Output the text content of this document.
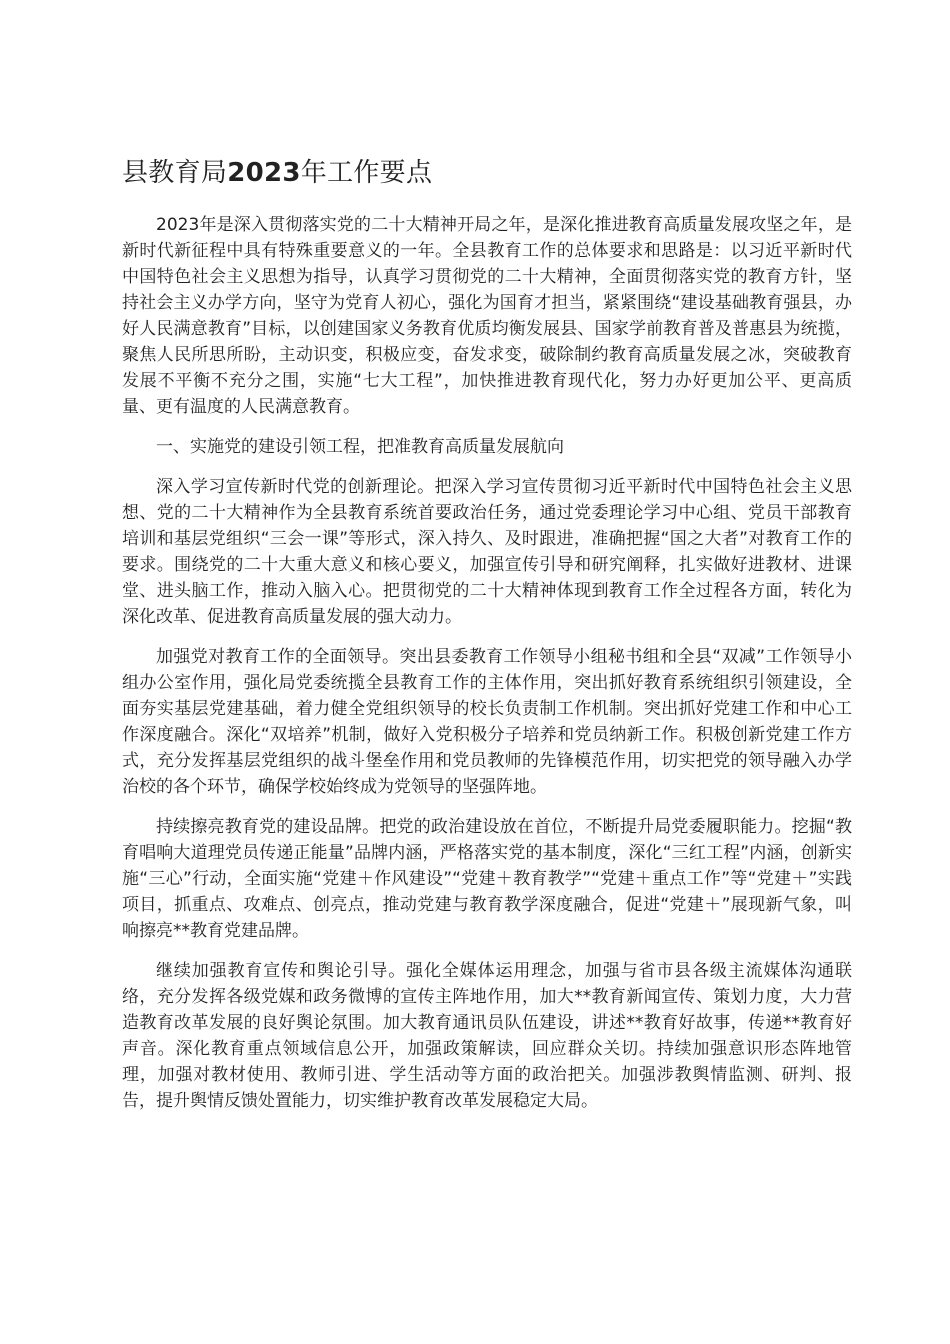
县教育局2023年工作要点

2023年是深入贯彻落实党的二十大精神开局之年，是深化推进教育高质量发展攻坚之年，是新时代新征程中具有特殊重要意义的一年。全县教育工作的总体要求和思路是：以习近平新时代中国特色社会主义思想为指导，认真学习贯彻党的二十大精神，全面贯彻落实党的教育方针，坚持社会主义办学方向，坚守为党育人初心，强化为国育才担当，紧紧围绕“建设基础教育强县，办好人民满意教育”目标，以创建国家义务教育优质均衡发展县、国家学前教育普及普惠县为统揽，聚焦人民所思所盼，主动识变，积极应变，奋发求变，破除制约教育高质量发展之冰，突破教育发展不平衡不充分之围，实施“七大工程”，加快推进教育现代化，努力办好更加公平、更高质量、更有温度的人民满意教育。

一、实施党的建设引领工程，把准教育高质量发展航向

深入学习宣传新时代党的创新理论。把深入学习宣传贯彻习近平新时代中国特色社会主义思想、党的二十大精神作为全县教育系统首要政治任务，通过党委理论学习中心组、党员干部教育培训和基层党组织“三会一课”等形式，深入持久、及时跟进，准确把握“国之大者”对教育工作的要求。围绕党的二十大重大意义和核心要义，加强宣传引导和研究阐释，扎实做好进教材、进课堂、进头脑工作，推动入脑入心。把贯彻党的二十大精神体现到教育工作全过程各方面，转化为深化改革、促进教育高质量发展的强大动力。

加强党对教育工作的全面领导。突出县委教育工作领导小组秘书组和全县“双减”工作领导小组办公室作用，强化局党委统揽全县教育工作的主体作用，突出抓好教育系统组织引领建设，全面夯实基层党建基础，着力健全党组织领导的校长负责制工作机制。突出抓好党建工作和中心工作深度融合。深化“双培养”机制，做好入党积极分子培养和党员纳新工作。积极创新党建工作方式，充分发挥基层党组织的战斗堡垒作用和党员教师的先锋模范作用，切实把党的领导融入办学治校的各个环节，确保学校始终成为党领导的坚强阵地。

持续擦亮教育党的建设品牌。把党的政治建设放在首位，不断提升局党委履职能力。挖掘“教育唱响大道理党员传递正能量”品牌内涵，严格落实党的基本制度，深化“三红工程”内涵，创新实施“三心”行动，全面实施“党建＋作风建设”“党建＋教育教学”“党建＋重点工作”等“党建＋”实践项目，抓重点、攻难点、创亮点，推动党建与教育教学深度融合，促进“党建＋”展现新气象，叫响擦亮**教育党建品牌。

继续加强教育宣传和舆论引导。强化全媒体运用理念，加强与省市县各级主流媒体沟通联络，充分发挥各级党媒和政务微博的宣传主阵地作用，加大**教育新闻宣传、策划力度，大力营造教育改革发展的良好舆论氛围。加大教育通讯员队伍建设，讲述**教育好故事，传递**教育好声音。深化教育重点领域信息公开，加强政策解读，回应群众关切。持续加强意识形态阵地管理，加强对教材使用、教师引进、学生活动等方面的政治把关。加强涉教舆情监测、研判、报告，提升舆情反馈处置能力，切实维护教育改革发展稳定大局。
